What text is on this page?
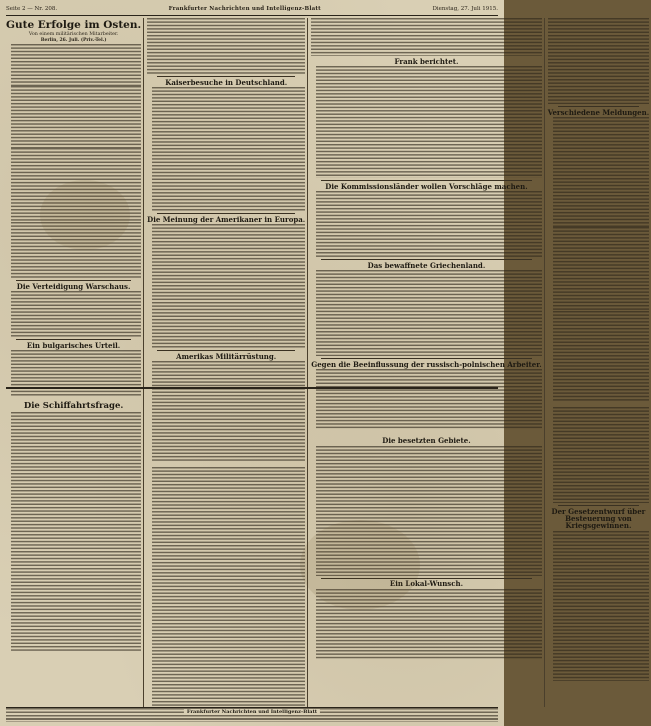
Seite 2 — Nr. 208.	Frankfurter Nachrichten und Intelligenz-Blatt	Dienstag, 27. Juli 1915.
Gute Erfolge im Osten.
Von einem militärischen Mitarbeiter.
Berlin, 26. Juli. (Priv.-Tel.)
Die Verteidigung Warschaus.
Ein bulgarisches Urteil.
Die Schiffahrtsfrage.
Kaiserbesuche in Deutschland.
Die Meinung der Amerikaner in Europa.
Amerikas Militärrüstung.
Frank berichtet.
Die Kommissionsländer wollen Vorschläge machen.
Das bewaffnete Griechenland.
Gegen die Beeinflussung der russisch-polnischen Arbeiter.
Die besetzten Gebiete.
Ein Lokal-Wunsch.
Verschiedene Meldungen.
Der Gesetzentwurf über Besteuerung von Kriegsgewinnen.
Frankfurter Nachrichten und Intelligenz-Blatt
